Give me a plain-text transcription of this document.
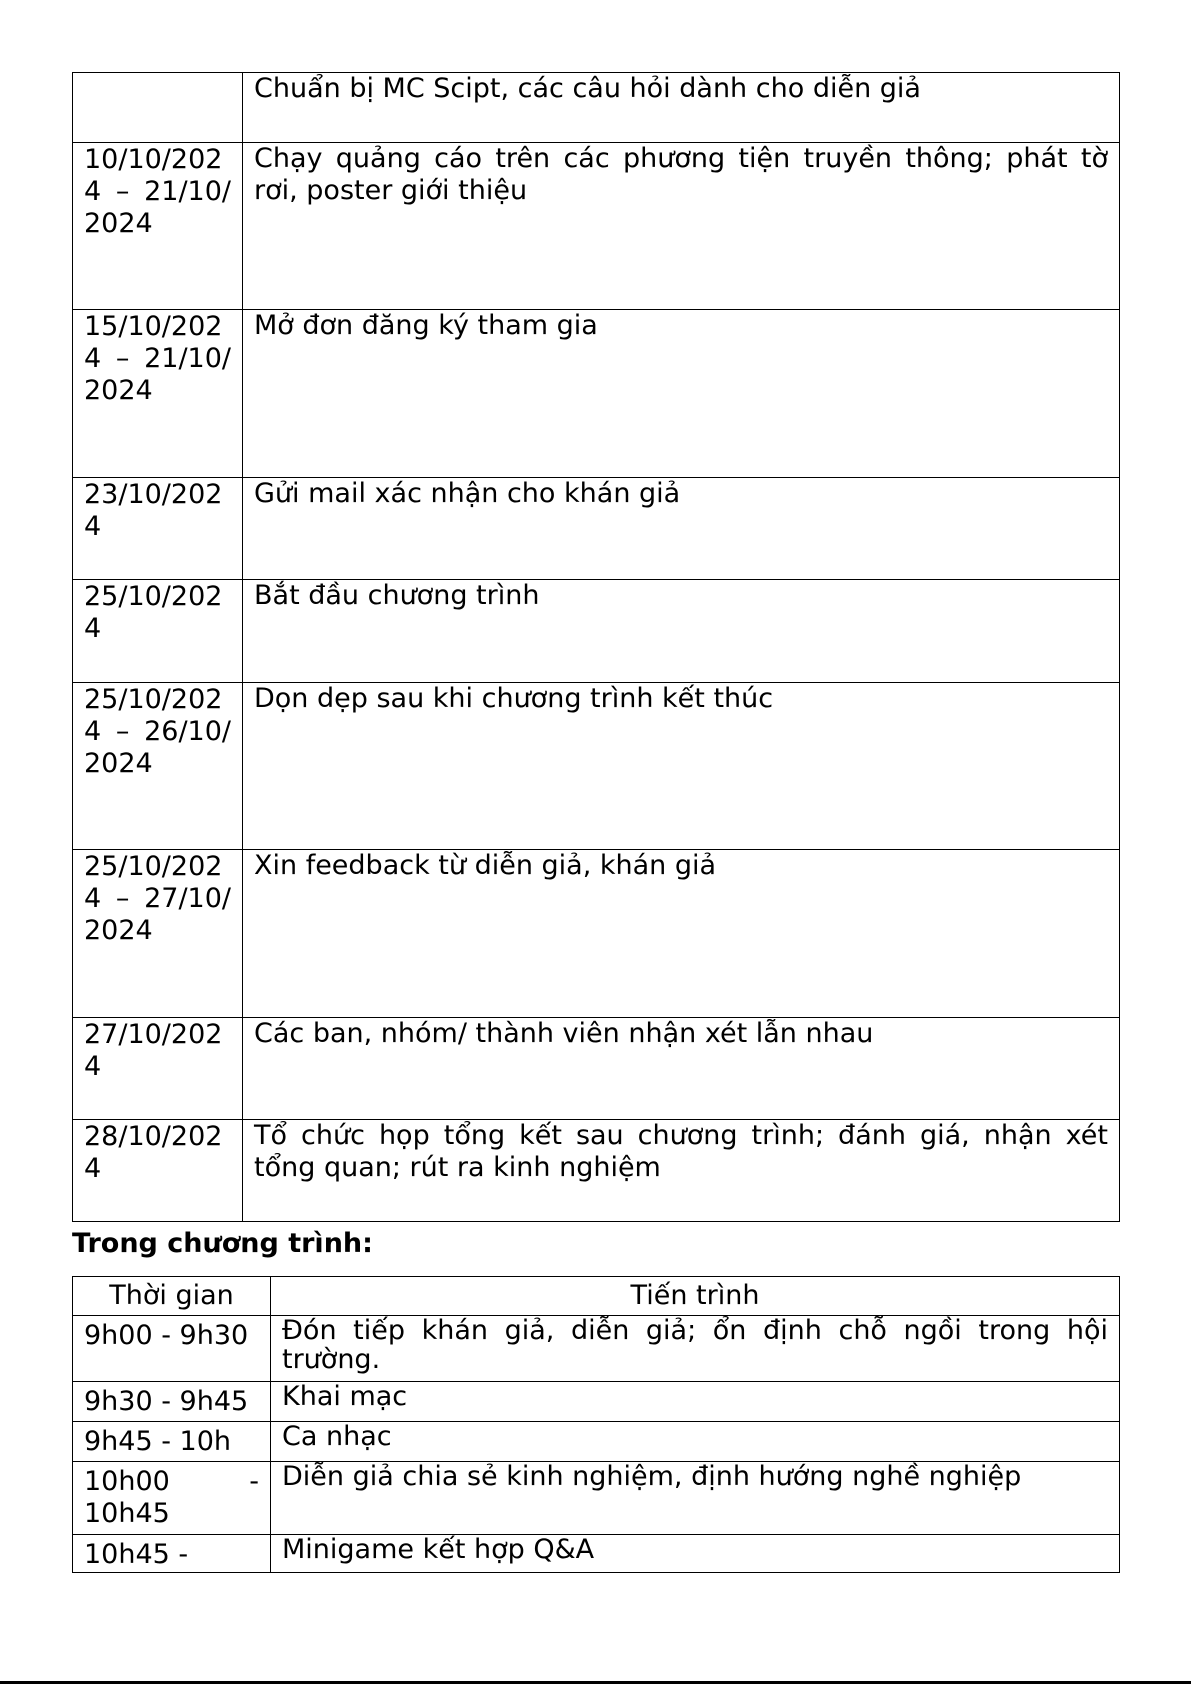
	Chuẩn bị MC Scipt, các câu hỏi dành cho diễn giả
10/10/2024 – 21/10/2024	Chạy quảng cáo trên các phương tiện truyền thông; phát tờ rơi, poster giới thiệu
15/10/2024 – 21/10/2024	Mở đơn đăng ký tham gia
23/10/2024	Gửi mail xác nhận cho khán giả
25/10/2024	Bắt đầu chương trình
25/10/2024 – 26/10/2024	Dọn dẹp sau khi chương trình kết thúc
25/10/2024 – 27/10/2024	Xin feedback từ diễn giả, khán giả
27/10/2024	Các ban, nhóm/ thành viên nhận xét lẫn nhau
28/10/2024	Tổ chức họp tổng kết sau chương trình; đánh giá, nhận xét tổng quan; rút ra kinh nghiệm
Trong chương trình:
Thời gian	Tiến trình
9h00 - 9h30	Đón tiếp khán giả, diễn giả; ổn định chỗ ngồi trong hội trường.
9h30 - 9h45	Khai mạc
9h45 - 10h	Ca nhạc
10h00 - 10h45	Diễn giả chia sẻ kinh nghiệm, định hướng nghề nghiệp
10h45 -	Minigame kết hợp Q&A
